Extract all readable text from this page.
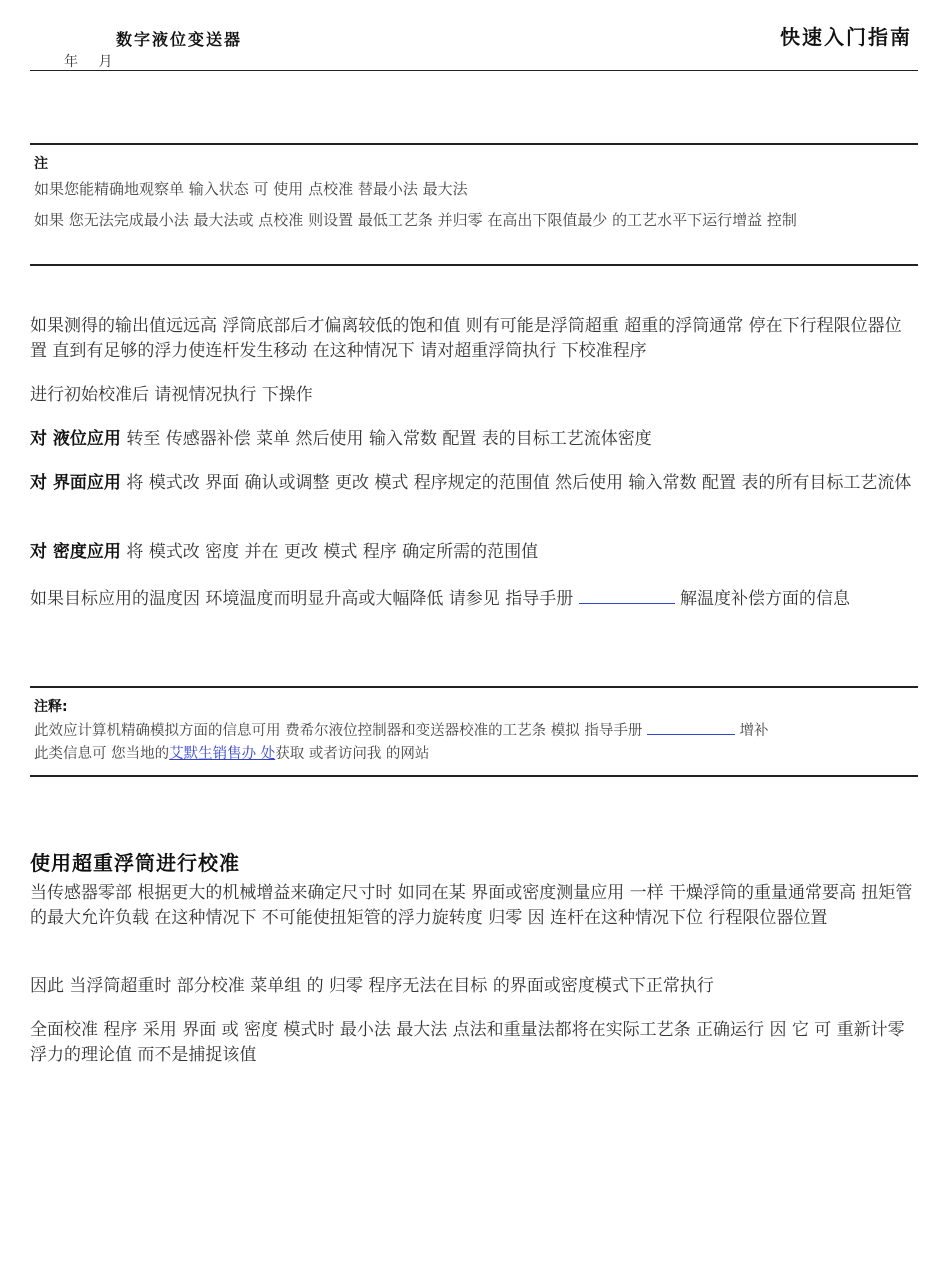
数字液位变送器
年 月
快速入门指南
注
如果您能精确地观察单 输入状态 可 使用 点校准 替最小法 最大法
如果 您无法完成最小法 最大法或 点校准 则设置 最低工艺条 并归零 在高出下限值最少 的工艺水平下运行增益 控制
如果测得的输出值远远高 浮筒底部后才偏离较低的饱和值 则有可能是浮筒超重 超重的浮筒通常 停在下行程限位器位置 直到有足够的浮力使连杆发生移动 在这种情况下 请对超重浮筒执行 下校准程序
进行初始校准后 请视情况执行 下操作
对 液位应用 转至 传感器补偿 菜单 然后使用 输入常数 配置 表的目标工艺流体密度
对 界面应用 将 模式改 界面 确认或调整 更改 模式 程序规定的范围值 然后使用 输入常数 配置 表的所有目标工艺流体
对 密度应用 将 模式改 密度 并在 更改 模式 程序 确定所需的范围值
如果目标应用的温度因 环境温度而明显升高或大幅降低 请参见 指导手册	解温度补偿方面的信息
注释:
此效应计算机精确模拟方面的信息可用 费希尔液位控制器和变送器校准的工艺条 模拟 指导手册	增补
此类信息可 您当地的艾默生销售办 处获取 或者访问我 的网站
使用超重浮筒进行校准
当传感器零部 根据更大的机械增益来确定尺寸时 如同在某 界面或密度测量应用 一样 干燥浮筒的重量通常要高 扭矩管的最大允许负载 在这种情况下 不可能使扭矩管的浮力旋转度 归零 因 连杆在这种情况下位 行程限位器位置
因此 当浮筒超重时 部分校准 菜单组 的 归零 程序无法在目标 的界面或密度模式下正常执行
全面校准 程序 采用 界面 或 密度 模式时 最小法 最大法 点法和重量法都将在实际工艺条 正确运行 因 它 可 重新计零浮力的理论值 而不是捕捉该值
